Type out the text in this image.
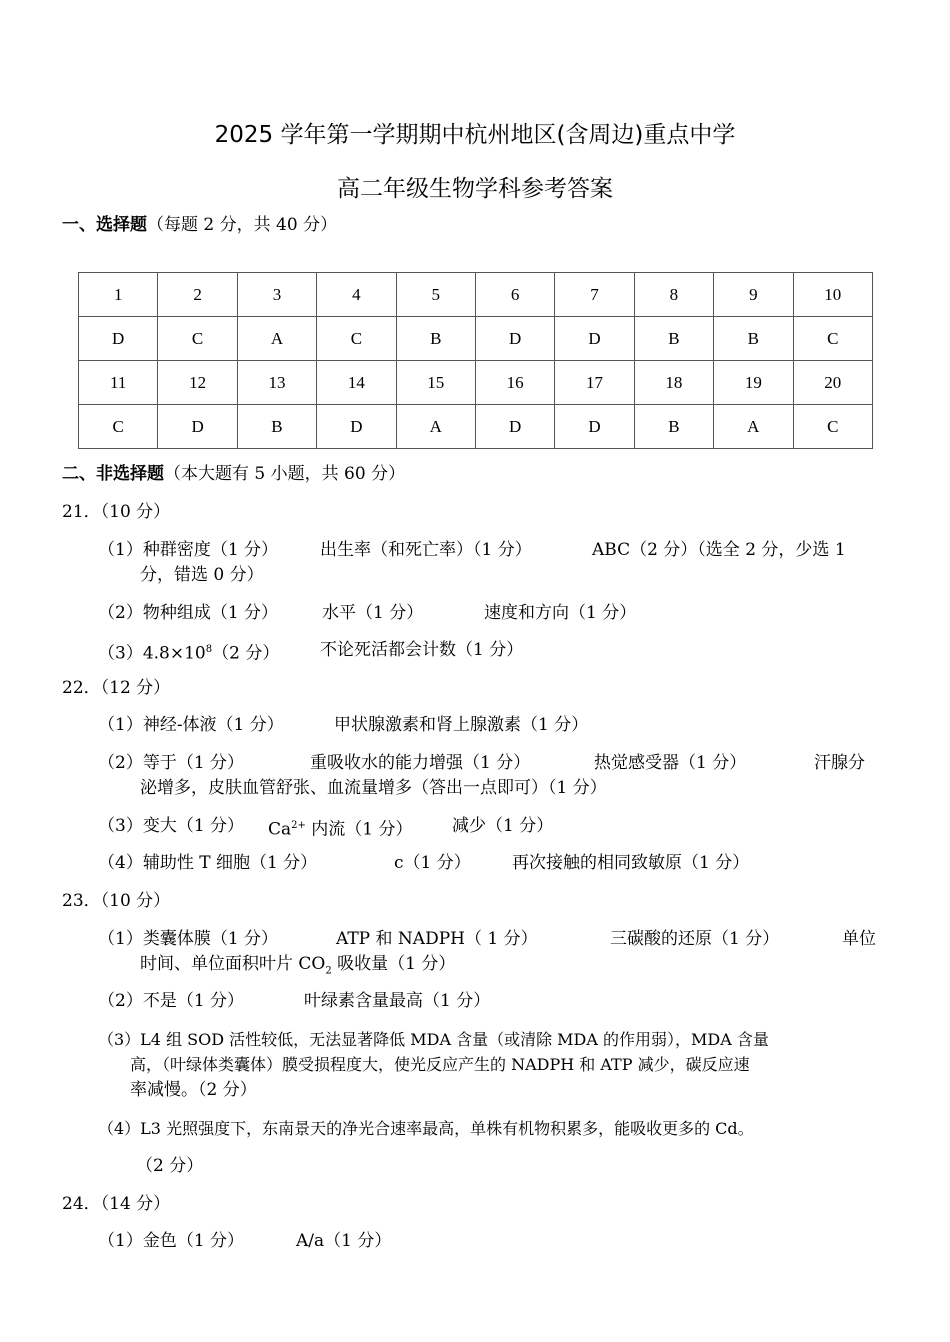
2025 学年第一学期期中杭州地区(含周边)重点中学
高二年级生物学科参考答案
一、选择题（每题 2 分，共 40 分）
1	2	3	4	5	6	7	8	9	10
D	C	A	C	B	D	D	B	B	C
11	12	13	14	15	16	17	18	19	20
C	D	B	D	A	D	D	B	A	C
二、非选择题（本大题有 5 小题，共 60 分）
21．（10 分）
（1）种群密度（1 分） 出生率（和死亡率）（1 分）	ABC（2 分）（选全 2 分，少选 1
分，错选 0 分）
（2）物种组成（1 分）	水平（1 分）	速度和方向（1 分）
$(3)4.8\times 10^8(2$ 分） 不论死活都会计数（1 分）
22．（12 分）
（1）神经-体液（1 分）	甲状腺激素和肾上腺激素（1 分）
（2）等于（1 分）	重吸收水的能力增强（1 分）	热觉感受器（1 分）	汗腺分
泌增多，皮肤血管舒张、血流量增多（答出一点即可）（1 分）
（3）变大（1 分） $Ca^{2+}$ 内流（1 分） 减少（1 分）
（4）辅助性 T 细胞（1 分）	c（1 分） 再次接触的相同致敏原（1 分）
23．（10 分）
（1）类囊体膜（1 分）	ATP 和 NADPH（ 1 分）	三碳酸的还原（1 分）	单位
时间、单位面积叶片 $CO_2$ 吸收量（1 分）
（2）不是（1 分）	叶绿素含量最高（1 分）
（3）L4 组 SOD 活性较低，无法显著降低 MDA 含量（或清除 MDA 的作用弱），MDA 含量
高，（叶绿体类囊体）膜受损程度大，使光反应产生的 NADPH 和 ATP 减少，碳反应速
率减慢。（2 分）
（4）L3 光照强度下，东南景天的净光合速率最高，单株有机物积累多，能吸收更多的 Cd。
（2 分）
24．（14 分）
（1）金色（1 分）	A/a（1 分）
